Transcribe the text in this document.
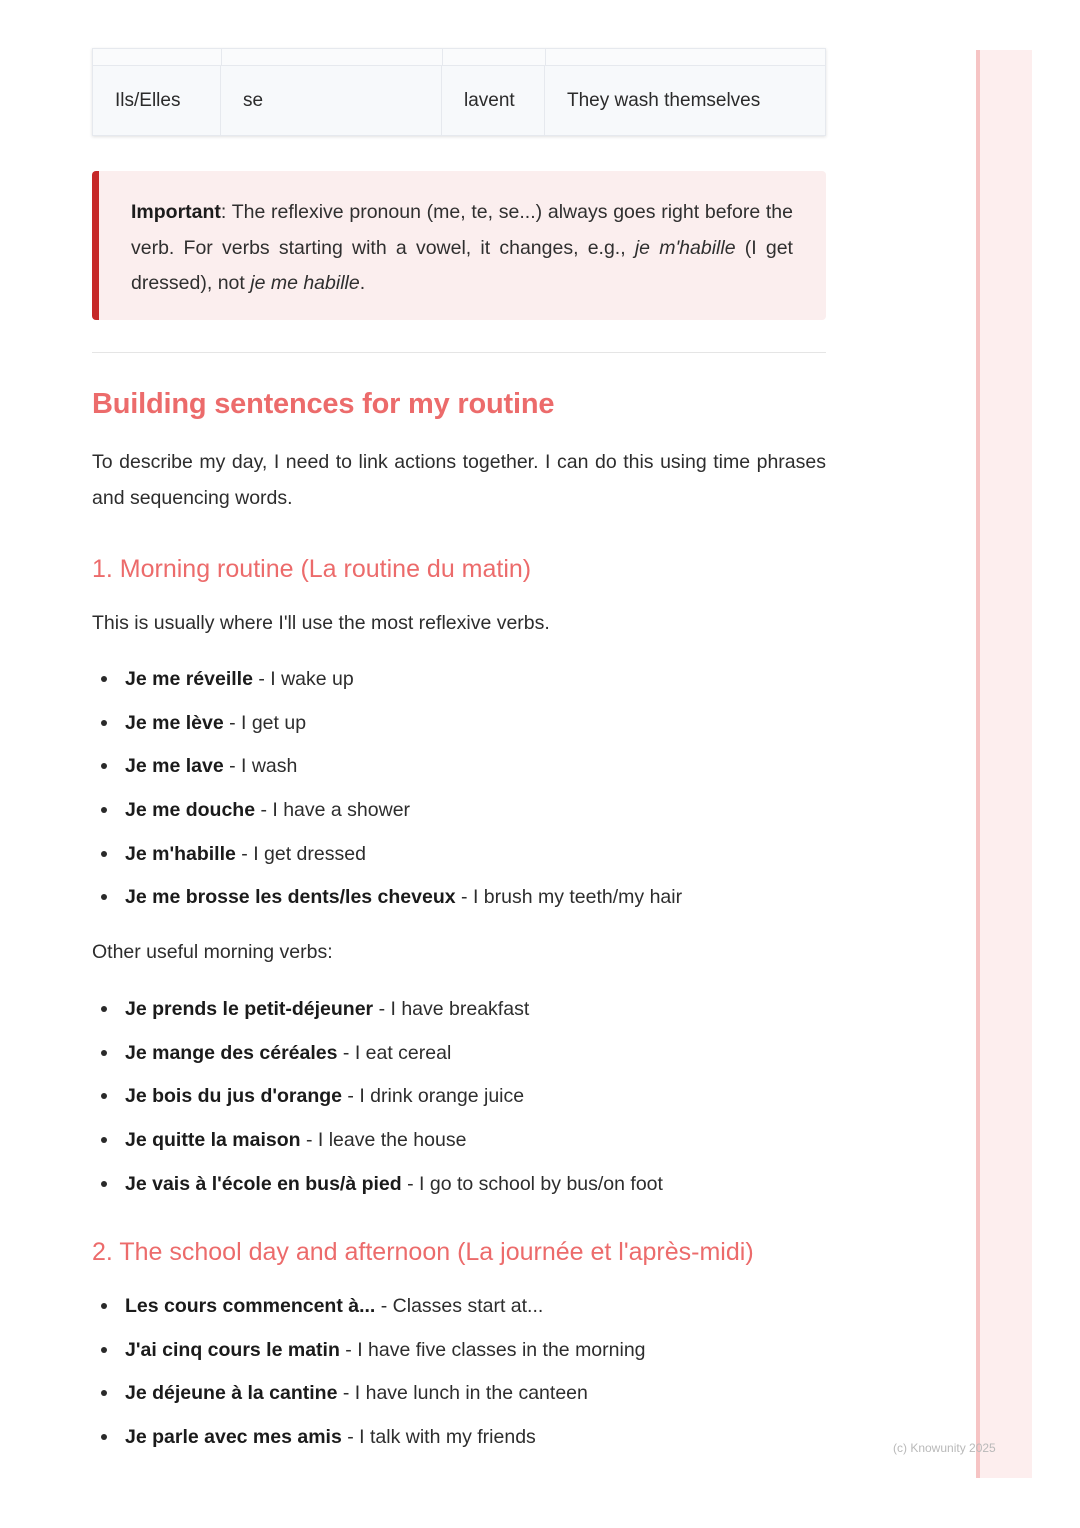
Ils/Elles	se	lavent	They wash themselves
Important: The reflexive pronoun (me, te, se...) always goes right before the verb. For verbs starting with a vowel, it changes, e.g., je m'habille (I get dressed), not je me habille.
Building sentences for my routine

To describe my day, I need to link actions together. I can do this using time phrases and sequencing words.

1. Morning routine (La routine du matin)

This is usually where I'll use the most reflexive verbs.

Je me réveille - I wake up
Je me lève - I get up
Je me lave - I wash
Je me douche - I have a shower
Je m'habille - I get dressed
Je me brosse les dents/les cheveux - I brush my teeth/my hair

Other useful morning verbs:

Je prends le petit-déjeuner - I have breakfast
Je mange des céréales - I eat cereal
Je bois du jus d'orange - I drink orange juice
Je quitte la maison - I leave the house
Je vais à l'école en bus/à pied - I go to school by bus/on foot
2. The school day and afternoon (La journée et l'après-midi)
Les cours commencent à... - Classes start at...
J'ai cinq cours le matin - I have five classes in the morning
Je déjeune à la cantine - I have lunch in the canteen
Je parle avec mes amis - I talk with my friends	(c) Knowunity 2025
